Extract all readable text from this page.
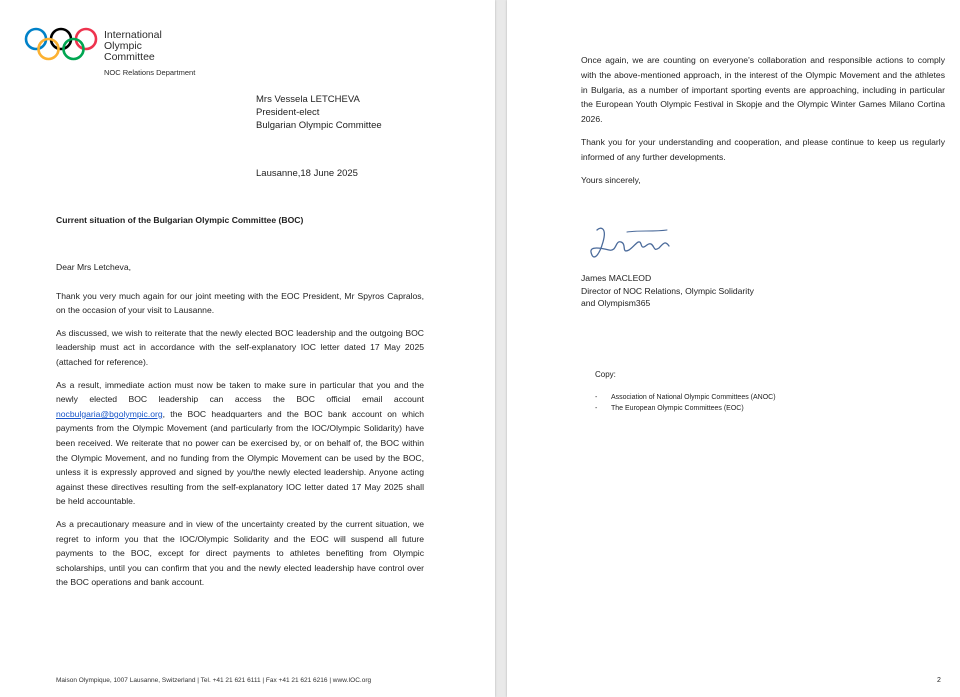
International
Olympic
Committee
NOC Relations Department
Mrs Vessela LETCHEVA
President-elect
Bulgarian Olympic Committee
Lausanne,18 June 2025
Current situation of the Bulgarian Olympic Committee (BOC)

Dear Mrs Letcheva,

Thank you very much again for our joint meeting with the EOC President, Mr Spyros Capralos, on the occasion of your visit to Lausanne.

As discussed, we wish to reiterate that the newly elected BOC leadership and the outgoing BOC leadership must act in accordance with the self-explanatory IOC letter dated 17 May 2025 (attached for reference).

As a result, immediate action must now be taken to make sure in particular that you and the newly elected BOC leadership can access the BOC official email account nocbulgaria@bgolympic.org, the BOC headquarters and the BOC bank account on which payments from the Olympic Movement (and particularly from the IOC/Olympic Solidarity) have been received. We reiterate that no power can be exercised by, or on behalf of, the BOC within the Olympic Movement, and no funding from the Olympic Movement can be used by the BOC, unless it is expressly approved and signed by you/the newly elected leadership. Anyone acting against these directives resulting from the self-explanatory IOC letter dated 17 May 2025 shall be held accountable.

As a precautionary measure and in view of the uncertainty created by the current situation, we regret to inform you that the IOC/Olympic Solidarity and the EOC will suspend all future payments to the BOC, except for direct payments to athletes benefiting from Olympic scholarships, until you can confirm that you and the newly elected leadership have control over the BOC operations and bank account.

Maison Olympique, 1007 Lausanne, Switzerland | Tel. +41 21 621 6111 | Fax +41 21 621 6216 | www.IOC.org

Once again, we are counting on everyone's collaboration and responsible actions to comply with the above-mentioned approach, in the interest of the Olympic Movement and the athletes in Bulgaria, as a number of important sporting events are approaching, including in particular the European Youth Olympic Festival in Skopje and the Olympic Winter Games Milano Cortina 2026.

Thank you for your understanding and cooperation, and please continue to keep us regularly informed of any further developments.

Yours sincerely,

James MACLEOD
Director of NOC Relations, Olympic Solidarity
and Olympism365
Copy:
- Association of National Olympic Committees (ANOC)
- The European Olympic Committees (EOC)
2
